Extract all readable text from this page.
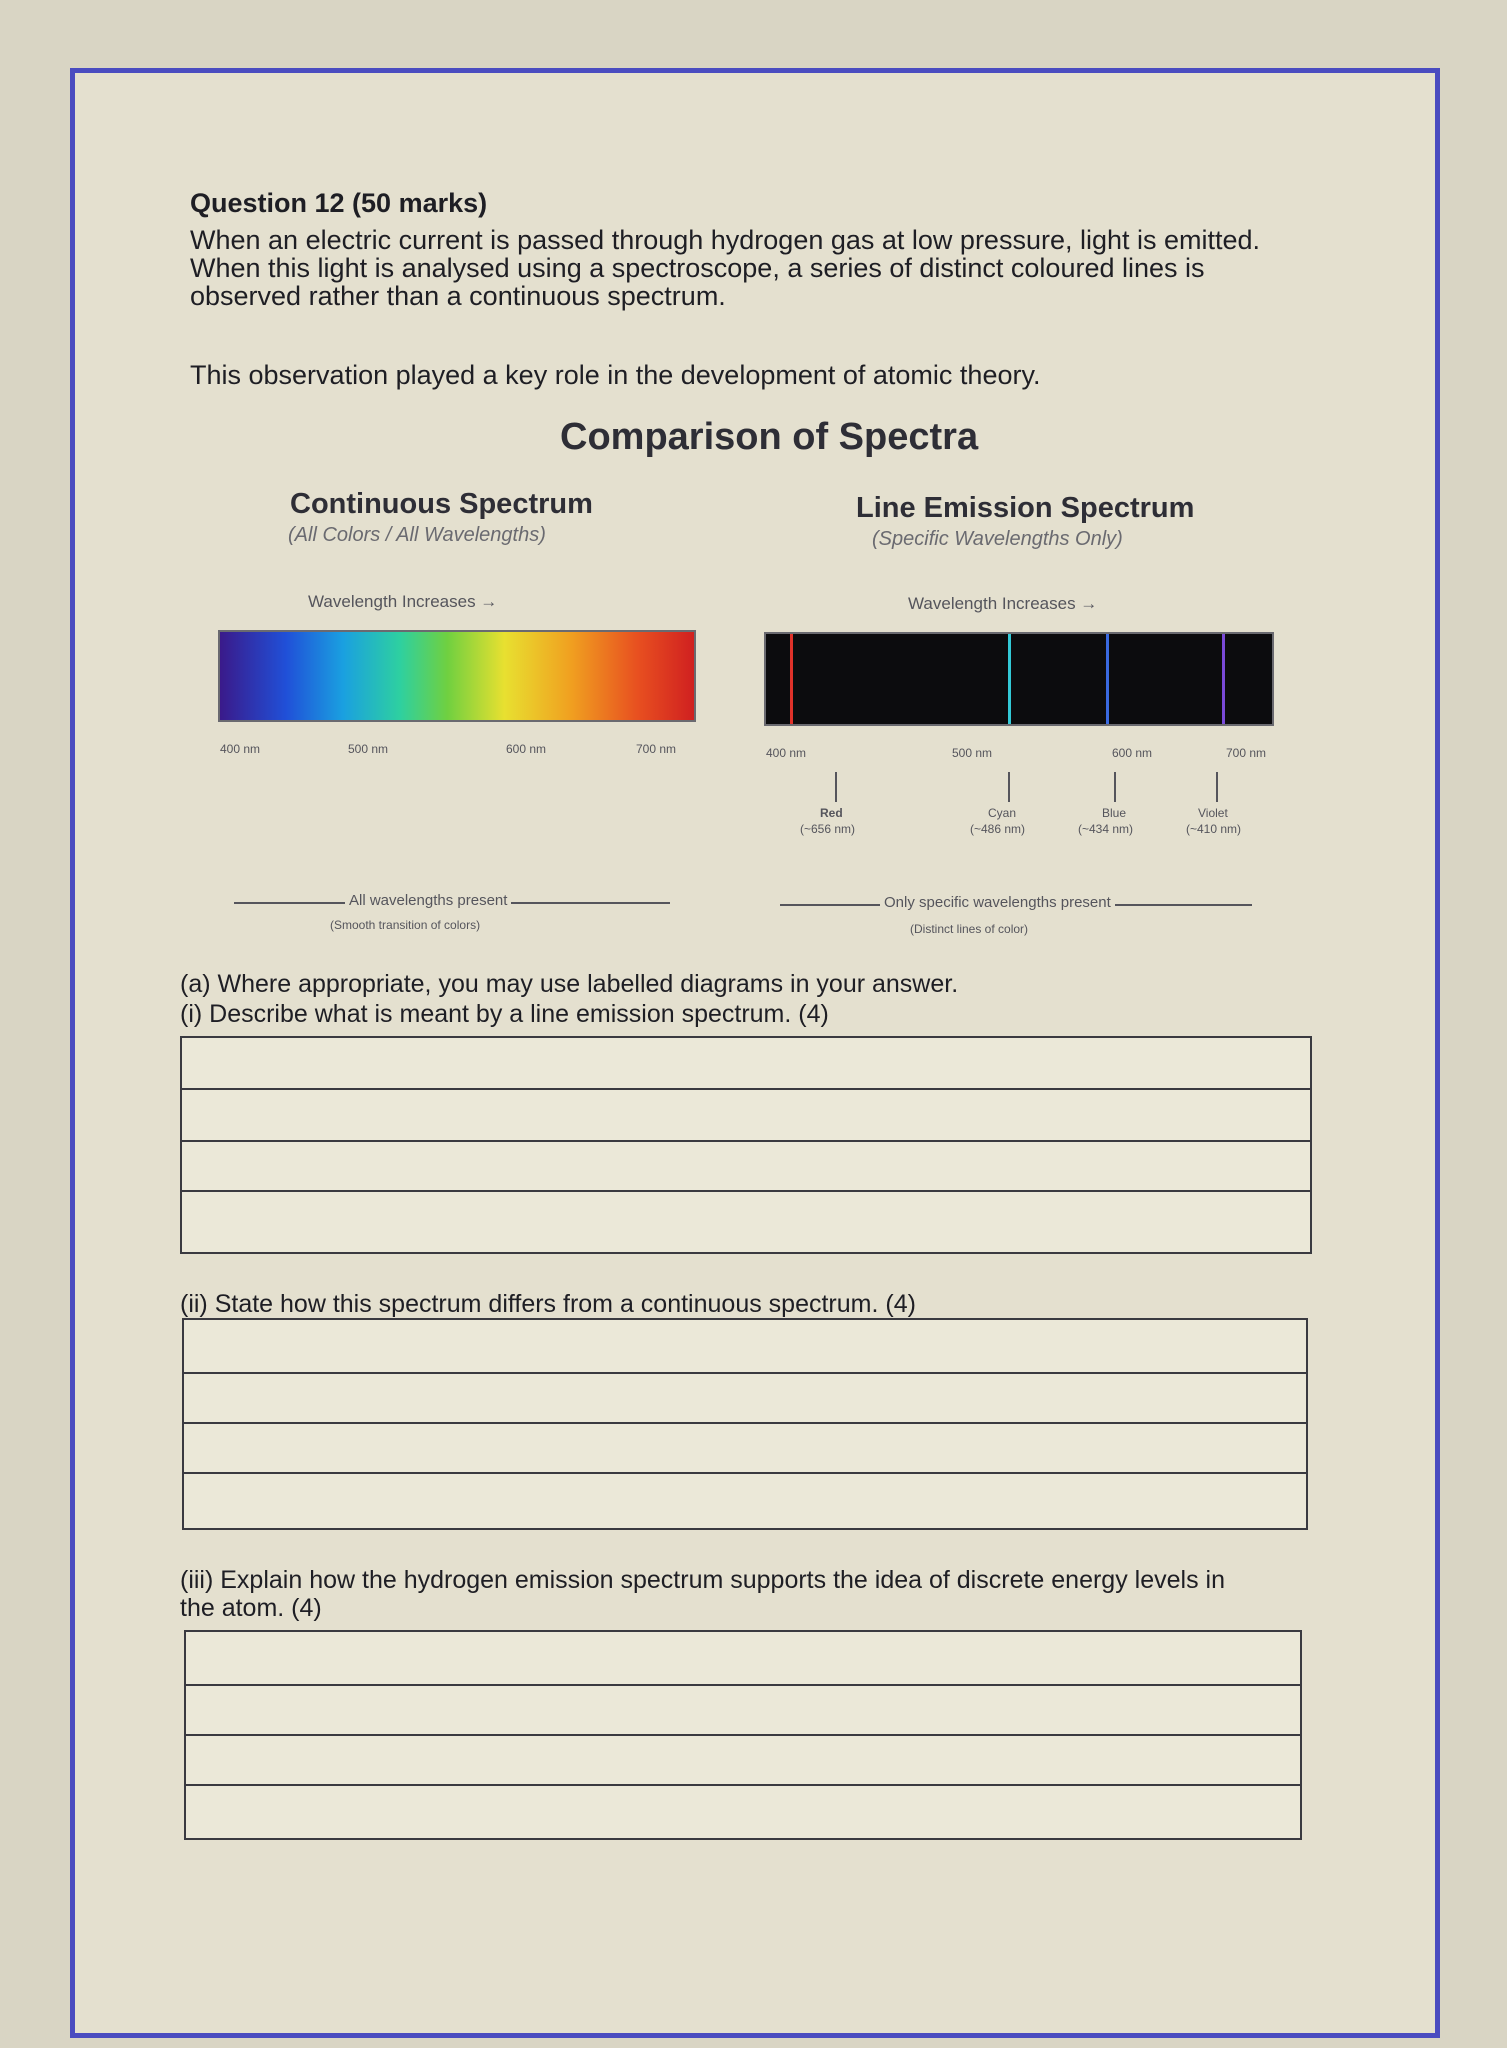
Question 12 (50 marks)
When an electric current is passed through hydrogen gas at low pressure, light is emitted. When this light is analysed using a spectroscope, a series of distinct coloured lines is observed rather than a continuous spectrum.
This observation played a key role in the development of atomic theory.
Comparison of Spectra
Continuous Spectrum
(All Colors / All Wavelengths)
Wavelength Increases →
400 nm	500 nm	600 nm	700 nm
All wavelengths present
(Smooth transition of colors)
Line Emission Spectrum
(Specific Wavelengths Only)
Wavelength Increases →
400 nm	500 nm	600 nm	700 nm
Red
(~656 nm)
Cyan
(~486 nm)
Blue
(~434 nm)
Violet
(~410 nm)
Only specific wavelengths present
(Distinct lines of color)
(a) Where appropriate, you may use labelled diagrams in your answer.
(i) Describe what is meant by a line emission spectrum. (4)
(ii) State how this spectrum differs from a continuous spectrum. (4)
(iii) Explain how the hydrogen emission spectrum supports the idea of discrete energy levels in the atom. (4)
